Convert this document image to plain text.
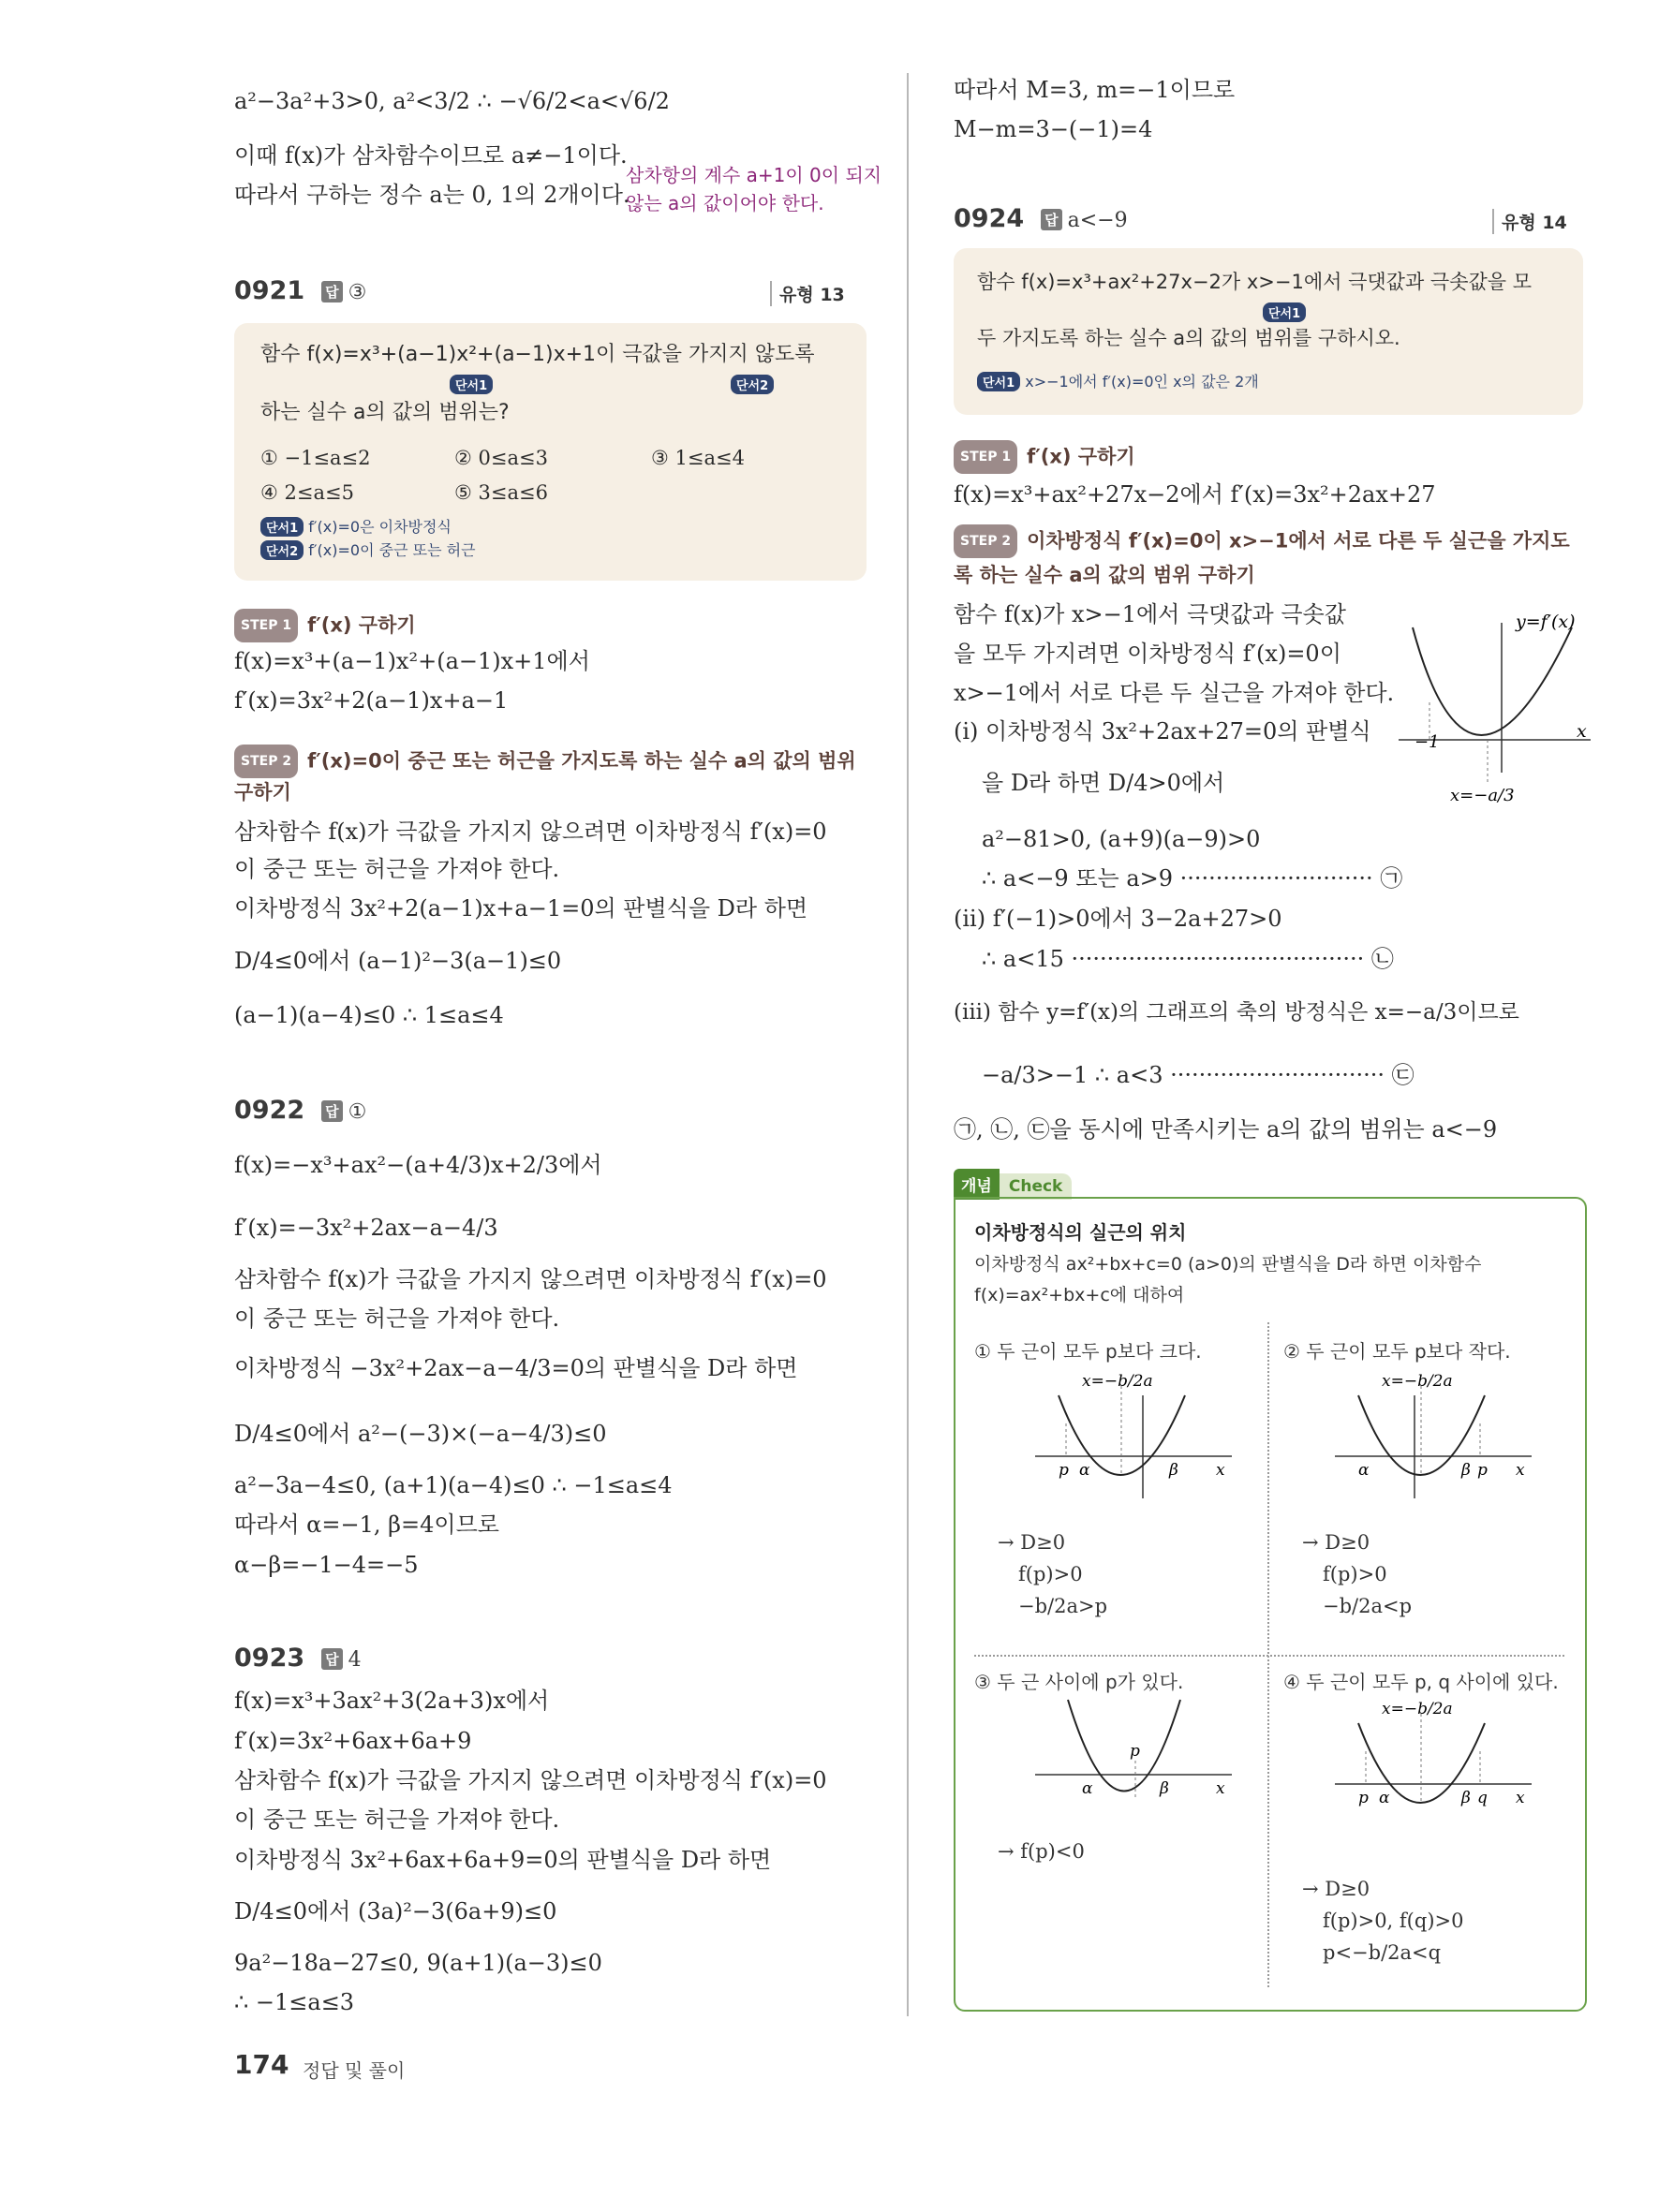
a²−3a²+3>0, a²<3/2 ∴ −√6/2<a<√6/2
이때 f(x)가 삼차함수이므로 a≠−1이다.
따라서 구하는 정수 a는 0, 1의 2개이다.
삼차항의 계수 a+1이 0이 되지
않는 a의 값이어야 한다.
0921 답 ③	유형 13
함수 f(x)=x³+(a−1)x²+(a−1)x+1이 극값을 가지지 않도록
단서1	단서2
하는 실수 a의 값의 범위는?
① −1≤a≤2	② 0≤a≤3	③ 1≤a≤4
④ 2≤a≤5	⑤ 3≤a≤6
단서1 f′(x)=0은 이차방정식
단서2 f′(x)=0이 중근 또는 허근
STEP 1 f′(x) 구하기
f(x)=x³+(a−1)x²+(a−1)x+1에서
f′(x)=3x²+2(a−1)x+a−1
STEP 2 f′(x)=0이 중근 또는 허근을 가지도록 하는 실수 a의 값의 범위
구하기
삼차함수 f(x)가 극값을 가지지 않으려면 이차방정식 f′(x)=0
이 중근 또는 허근을 가져야 한다.
이차방정식 3x²+2(a−1)x+a−1=0의 판별식을 D라 하면
D/4≤0에서 (a−1)²−3(a−1)≤0
(a−1)(a−4)≤0 ∴ 1≤a≤4
0922 답 ①
f(x)=−x³+ax²−(a+4/3)x+2/3에서
f′(x)=−3x²+2ax−a−4/3
삼차함수 f(x)가 극값을 가지지 않으려면 이차방정식 f′(x)=0
이 중근 또는 허근을 가져야 한다.
이차방정식 −3x²+2ax−a−4/3=0의 판별식을 D라 하면
D/4≤0에서 a²−(−3)×(−a−4/3)≤0
a²−3a−4≤0, (a+1)(a−4)≤0 ∴ −1≤a≤4
따라서 α=−1, β=4이므로
α−β=−1−4=−5
0923 답 4
f(x)=x³+3ax²+3(2a+3)x에서
f′(x)=3x²+6ax+6a+9
삼차함수 f(x)가 극값을 가지지 않으려면 이차방정식 f′(x)=0
이 중근 또는 허근을 가져야 한다.
이차방정식 3x²+6ax+6a+9=0의 판별식을 D라 하면
D/4≤0에서 (3a)²−3(6a+9)≤0
9a²−18a−27≤0, 9(a+1)(a−3)≤0
∴ −1≤a≤3
따라서 M=3, m=−1이므로
M−m=3−(−1)=4
0924 답 a<−9	유형 14
함수 f(x)=x³+ax²+27x−2가 x>−1에서 극댓값과 극솟값을 모
단서1
두 가지도록 하는 실수 a의 값의 범위를 구하시오.
단서1 x>−1에서 f′(x)=0인 x의 값은 2개
STEP 1 f′(x) 구하기
f(x)=x³+ax²+27x−2에서 f′(x)=3x²+2ax+27
STEP 2 이차방정식 f′(x)=0이 x>−1에서 서로 다른 두 실근을 가지도
록 하는 실수 a의 값의 범위 구하기
함수 f(x)가 x>−1에서 극댓값과 극솟값
을 모두 가지려면 이차방정식 f′(x)=0이
x>−1에서 서로 다른 두 실근을 가져야 한다.
(i) 이차방정식 3x²+2ax+27=0의 판별식
을 D라 하면 D/4>0에서
a²−81>0, (a+9)(a−9)>0
∴ a<−9 또는 a>9 ··························· ㉠
(ii) f′(−1)>0에서 3−2a+27>0
∴ a<15 ········································· ㉡
(iii) 함수 y=f′(x)의 그래프의 축의 방정식은 x=−a/3이므로
−a/3>−1 ∴ a<3 ······························ ㉢
㉠, ㉡, ㉢을 동시에 만족시키는 a의 값의 범위는 a<−9
y=f′(x)
x
−1
x=−a/3
개념 Check
이차방정식의 실근의 위치
이차방정식 ax²+bx+c=0 (a>0)의 판별식을 D라 하면 이차함수
f(x)=ax²+bx+c에 대하여
① 두 근이 모두 p보다 크다.	② 두 근이 모두 p보다 작다.
③ 두 근 사이에 p가 있다.	④ 두 근이 모두 p, q 사이에 있다.
x=−b/2a
p α	β x
x=−b/2a
α	β p x
p
α	β	x
x=−b/2a
p α	β q x
→ D≥0
f(p)>0
−b/2a>p
→ D≥0
f(p)>0
−b/2a<p
→ f(p)<0
→ D≥0
f(p)>0, f(q)>0
p<−b/2a<q
174 정답 및 풀이
